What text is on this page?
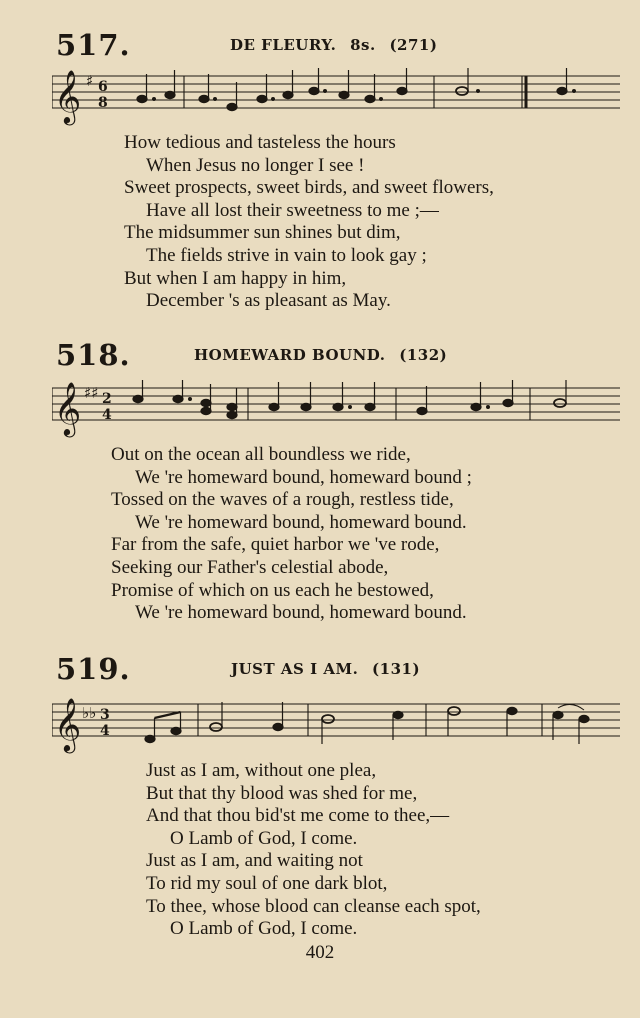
517.	DE FLEURY. 8s. (271)
𝄞 ♯ 6
8
How tedious and tasteless the hours
When Jesus no longer I see !
Sweet prospects, sweet birds, and sweet flowers,
Have all lost their sweetness to me ;—
The midsummer sun shines but dim,
The fields strive in vain to look gay ;
But when I am happy in him,
December 's as pleasant as May.
518.	HOMEWARD BOUND. (132)
𝄞 ♯♯ 2
4
Out on the ocean all boundless we ride,
We 're homeward bound, homeward bound ;
Tossed on the waves of a rough, restless tide,
We 're homeward bound, homeward bound.
Far from the safe, quiet harbor we 've rode,
Seeking our Father's celestial abode,
Promise of which on us each he bestowed,
We 're homeward bound, homeward bound.
519.	JUST AS I AM. (131)
𝄞 ♭♭ 3
4
Just as I am, without one plea,
But that thy blood was shed for me,
And that thou bid'st me come to thee,—
O Lamb of God, I come.
Just as I am, and waiting not
To rid my soul of one dark blot,
To thee, whose blood can cleanse each spot,
O Lamb of God, I come.
402
